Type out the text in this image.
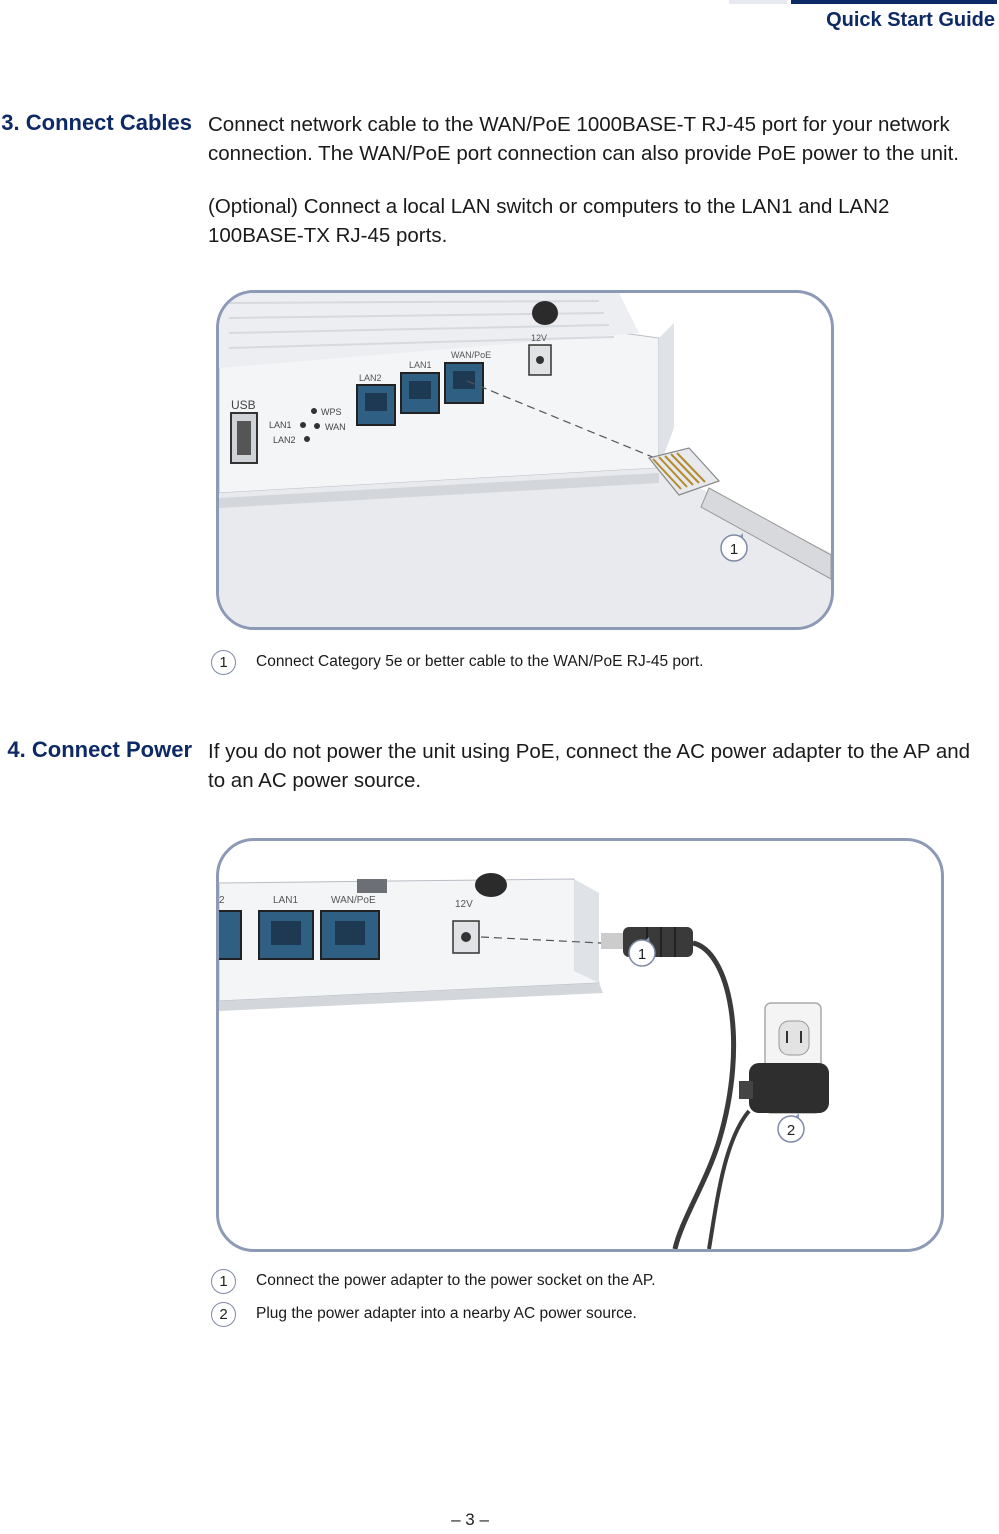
Quick Start Guide
3. Connect Cables Connect network cable to the WAN/PoE 1000BASE-T RJ-45 port for your network connection. The WAN/PoE port connection can also provide PoE power to the unit.
(Optional) Connect a local LAN switch or computers to the LAN1 and LAN2 100BASE-TX RJ-45 ports.
USB
LAN1
LAN2
WPS
WAN
LAN2
LAN1
WAN/PoE
12V
1
1	Connect Category 5e or better cable to the WAN/PoE RJ-45 port.
4. Connect Power If you do not power the unit using PoE, connect the AC power adapter to the AP and to an AC power source.
2	LAN1	WAN/PoE	12V
1
2
1	Connect the power adapter to the power socket on the AP.
2	Plug the power adapter into a nearby AC power source.
– 3 –
